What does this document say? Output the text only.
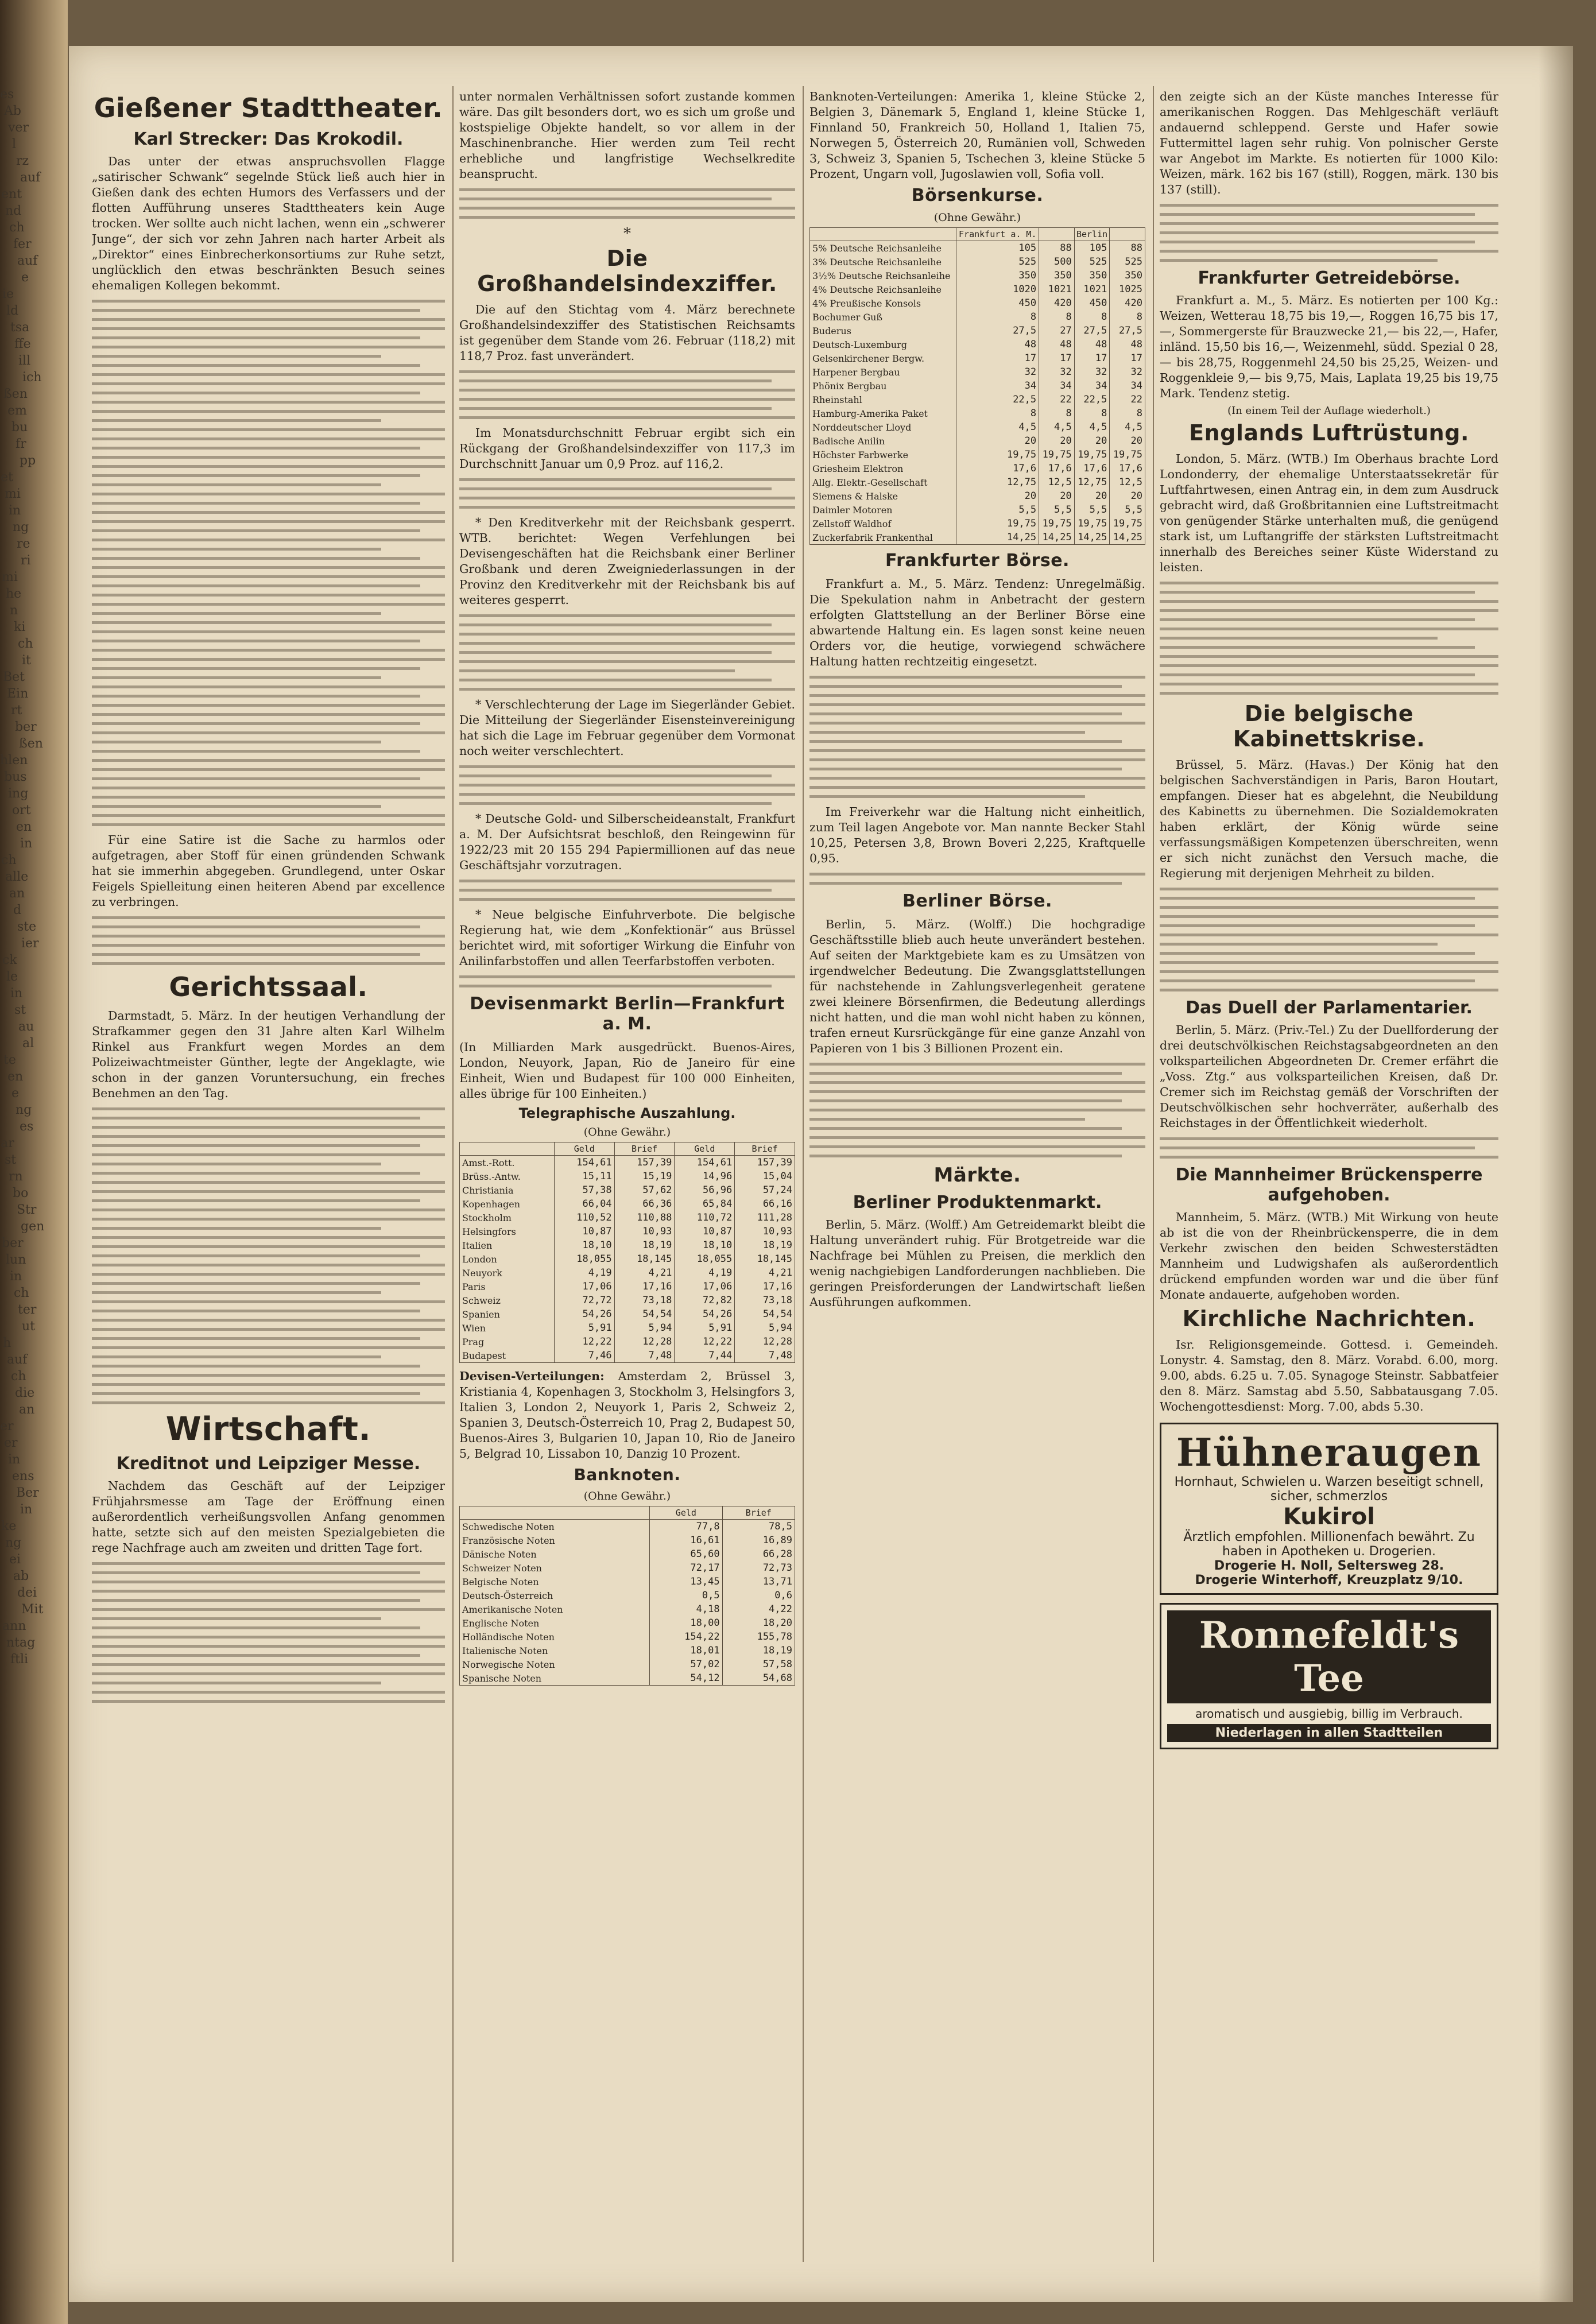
es
Ab
ver
l
rz
auf
ent
nd
ch
fer
auf
e
ie
ld
tsa
ffe
ill
ich
ßen
em
bu
fr
pp
et
mi
in
ng
re
ri
mi
he
n
ki
ch
it
Bet
Ein
rt
ber
ßen
hlen
bus
ing
ort
en
in
ch
alle
an
d
ste
ier
ck
le
in
st
au
al
te
en
e
ng
es
ar
st
rn
bo
Str
gen
ber
lun
in
ch
ter
ut
h
auf
ch
die
an
er
er
in
ens
Ber
in
ke
ng
ei
ab
dei
Mit
ann
ntag
ftli
Gießener Stadttheater.
Karl Strecker: Das Krokodil.

Das unter der etwas anspruchsvollen Flagge „satirischer Schwank“ segelnde Stück ließ auch hier in Gießen dank des echten Humors des Verfassers und der flotten Aufführung unseres Stadttheaters kein Auge trocken. Wer sollte auch nicht lachen, wenn ein „schwerer Junge“, der sich vor zehn Jahren nach harter Arbeit als „Direktor“ eines Einbrecherkonsortiums zur Ruhe setzt, unglücklich den etwas beschränkten Besuch seines ehemaligen Kollegen bekommt.

Für eine Satire ist die Sache zu harmlos oder aufgetragen, aber Stoff für einen gründenden Schwank hat sie immerhin abgegeben. Grundlegend, unter Oskar Feigels Spielleitung einen heiteren Abend par excellence zu verbringen.

Gerichtssaal.

Darmstadt, 5. März. In der heutigen Verhandlung der Strafkammer gegen den 31 Jahre alten Karl Wilhelm Rinkel aus Frankfurt wegen Mordes an dem Polizeiwachtmeister Günther, legte der Angeklagte, wie schon in der ganzen Voruntersuchung, ein freches Benehmen an den Tag.

Wirtschaft.
Kreditnot und Leipziger Messe.

Nachdem das Geschäft auf der Leipziger Frühjahrsmesse am Tage der Eröffnung einen außerordentlich verheißungsvollen Anfang genommen hatte, setzte sich auf den meisten Spezialgebieten die rege Nachfrage auch am zweiten und dritten Tage fort.

unter normalen Verhältnissen sofort zustande kommen wäre. Das gilt besonders dort, wo es sich um große und kostspielige Objekte handelt, so vor allem in der Maschinenbranche. Hier werden zum Teil recht erhebliche und langfristige Wechselkredite beansprucht.

*
Die Großhandelsindexziffer.

Die auf den Stichtag vom 4. März berechnete Großhandelsindexziffer des Statistischen Reichsamts ist gegenüber dem Stande vom 26. Februar (118,2) mit 118,7 Proz. fast unverändert.

Im Monatsdurchschnitt Februar ergibt sich ein Rückgang der Großhandelsindexziffer von 117,3 im Durchschnitt Januar um 0,9 Proz. auf 116,2.

* Den Kreditverkehr mit der Reichsbank gesperrt. WTB. berichtet: Wegen Verfehlungen bei Devisengeschäften hat die Reichsbank einer Berliner Großbank und deren Zweigniederlassungen in der Provinz den Kreditverkehr mit der Reichsbank bis auf weiteres gesperrt.

* Verschlechterung der Lage im Siegerländer Gebiet. Die Mitteilung der Siegerländer Eisensteinvereinigung hat sich die Lage im Februar gegenüber dem Vormonat noch weiter verschlechtert.

* Deutsche Gold- und Silberscheideanstalt, Frankfurt a. M. Der Aufsichtsrat beschloß, den Reingewinn für 1922/23 mit 20 155 294 Papiermillionen auf das neue Geschäftsjahr vorzutragen.

* Neue belgische Einfuhrverbote. Die belgische Regierung hat, wie dem „Konfektionär“ aus Brüssel berichtet wird, mit sofortiger Wirkung die Einfuhr von Anilinfarbstoffen und allen Teerfarbstoffen verboten.

Devisenmarkt Berlin—Frankfurt a. M.

(In Milliarden Mark ausgedrückt. Buenos-Aires, London, Neuyork, Japan, Rio de Janeiro für eine Einheit, Wien und Budapest für 100 000 Einheiten, alles übrige für 100 Einheiten.)

Telegraphische Auszahlung.
(Ohne Gewähr.)
	Geld	Brief	Geld	Brief
Amst.-Rott.	154,61	157,39	154,61	157,39
Brüss.-Antw.	15,11	15,19	14,96	15,04
Christiania	57,38	57,62	56,96	57,24
Kopenhagen	66,04	66,36	65,84	66,16
Stockholm	110,52	110,88	110,72	111,28
Helsingfors	10,87	10,93	10,87	10,93
Italien	18,10	18,19	18,10	18,19
London	18,055	18,145	18,055	18,145
Neuyork	4,19	4,21	4,19	4,21
Paris	17,06	17,16	17,06	17,16
Schweiz	72,72	73,18	72,82	73,18
Spanien	54,26	54,54	54,26	54,54
Wien	5,91	5,94	5,91	5,94
Prag	12,22	12,28	12,22	12,28
Budapest	7,46	7,48	7,44	7,48

Devisen-Verteilungen: Amsterdam 2, Brüssel 3, Kristiania 4, Kopenhagen 3, Stockholm 3, Helsingfors 3, Italien 3, London 2, Neuyork 1, Paris 2, Schweiz 2, Spanien 3, Deutsch-Österreich 10, Prag 2, Budapest 50, Buenos-Aires 3, Bulgarien 10, Japan 10, Rio de Janeiro 5, Belgrad 10, Lissabon 10, Danzig 10 Prozent.

Banknoten.
(Ohne Gewähr.)
	Geld	Brief
Schwedische Noten	77,8	78,5
Französische Noten	16,61	16,89
Dänische Noten	65,60	66,28
Schweizer Noten	72,17	72,73
Belgische Noten	13,45	13,71
Deutsch-Österreich	0,5	0,6
Amerikanische Noten	4,18	4,22
Englische Noten	18,00	18,20
Holländische Noten	154,22	155,78
Italienische Noten	18,01	18,19
Norwegische Noten	57,02	57,58
Spanische Noten	54,12	54,68

Banknoten-Verteilungen: Amerika 1, kleine Stücke 2, Belgien 3, Dänemark 5, England 1, kleine Stücke 1, Finnland 50, Frankreich 50, Holland 1, Italien 75, Norwegen 5, Österreich 20, Rumänien voll, Schweden 3, Schweiz 3, Spanien 5, Tschechen 3, kleine Stücke 5 Prozent, Ungarn voll, Jugoslawien voll, Sofia voll.

Börsenkurse.
(Ohne Gewähr.)
	Frankfurt a. M.		Berlin	
5% Deutsche Reichsanleihe	105	88	105	88
3% Deutsche Reichsanleihe	525	500	525	525
3½% Deutsche Reichsanleihe	350	350	350	350
4% Deutsche Reichsanleihe	1020	1021	1021	1025
4% Preußische Konsols	450	420	450	420
Bochumer Guß	8	8	8	8
Buderus	27,5	27	27,5	27,5
Deutsch-Luxemburg	48	48	48	48
Gelsenkirchener Bergw.	17	17	17	17
Harpener Bergbau	32	32	32	32
Phönix Bergbau	34	34	34	34
Rheinstahl	22,5	22	22,5	22
Hamburg-Amerika Paket	8	8	8	8
Norddeutscher Lloyd	4,5	4,5	4,5	4,5
Badische Anilin	20	20	20	20
Höchster Farbwerke	19,75	19,75	19,75	19,75
Griesheim Elektron	17,6	17,6	17,6	17,6
Allg. Elektr.-Gesellschaft	12,75	12,5	12,75	12,5
Siemens & Halske	20	20	20	20
Daimler Motoren	5,5	5,5	5,5	5,5
Zellstoff Waldhof	19,75	19,75	19,75	19,75
Zuckerfabrik Frankenthal	14,25	14,25	14,25	14,25
Frankfurter Börse.

Frankfurt a. M., 5. März. Tendenz: Unregelmäßig. Die Spekulation nahm in Anbetracht der gestern erfolgten Glattstellung an der Berliner Börse eine abwartende Haltung ein. Es lagen sonst keine neuen Orders vor, die heutige, vorwiegend schwächere Haltung hatten rechtzeitig eingesetzt.

Im Freiverkehr war die Haltung nicht einheitlich, zum Teil lagen Angebote vor. Man nannte Becker Stahl 10,25, Petersen 3,8, Brown Boveri 2,225, Kraftquelle 0,95.

Berliner Börse.

Berlin, 5. März. (Wolff.) Die hochgradige Geschäftsstille blieb auch heute unverändert bestehen. Auf seiten der Marktgebiete kam es zu Umsätzen von irgendwelcher Bedeutung. Die Zwangsglattstellungen für nachstehende in Zahlungsverlegenheit geratene zwei kleinere Börsenfirmen, die Bedeutung allerdings nicht hatten, und die man wohl nicht haben zu können, trafen erneut Kursrückgänge für eine ganze Anzahl von Papieren von 1 bis 3 Billionen Prozent ein.

Märkte.
Berliner Produktenmarkt.

Berlin, 5. März. (Wolff.) Am Getreidemarkt bleibt die Haltung unverändert ruhig. Für Brotgetreide war die Nachfrage bei Mühlen zu Preisen, die merklich den wenig nachgiebigen Landforderungen nachblieben. Die geringen Preisforderungen der Landwirtschaft ließen Ausführungen aufkommen.

den zeigte sich an der Küste manches Interesse für amerikanischen Roggen. Das Mehlgeschäft verläuft andauernd schleppend. Gerste und Hafer sowie Futtermittel lagen sehr ruhig. Von polnischer Gerste war Angebot im Markte. Es notierten für 1000 Kilo: Weizen, märk. 162 bis 167 (still), Roggen, märk. 130 bis 137 (still).

Frankfurter Getreidebörse.

Frankfurt a. M., 5. März. Es notierten per 100 Kg.: Weizen, Wetterau 18,75 bis 19,—, Roggen 16,75 bis 17,—, Sommergerste für Brauzwecke 21,— bis 22,—, Hafer, inländ. 15,50 bis 16,—, Weizenmehl, südd. Spezial 0 28,— bis 28,75, Roggenmehl 24,50 bis 25,25, Weizen- und Roggenkleie 9,— bis 9,75, Mais, Laplata 19,25 bis 19,75 Mark. Tendenz stetig.

(In einem Teil der Auflage wiederholt.)
Englands Luftrüstung.

London, 5. März. (WTB.) Im Oberhaus brachte Lord Londonderry, der ehemalige Unterstaatssekretär für Luftfahrtwesen, einen Antrag ein, in dem zum Ausdruck gebracht wird, daß Großbritannien eine Luftstreitmacht von genügender Stärke unterhalten muß, die genügend stark ist, um Luftangriffe der stärksten Luftstreitmacht innerhalb des Bereiches seiner Küste Widerstand zu leisten.

Die belgische Kabinettskrise.

Brüssel, 5. März. (Havas.) Der König hat den belgischen Sachverständigen in Paris, Baron Houtart, empfangen. Dieser hat es abgelehnt, die Neubildung des Kabinetts zu übernehmen. Die Sozialdemokraten haben erklärt, der König würde seine verfassungsmäßigen Kompetenzen überschreiten, wenn er sich nicht zunächst den Versuch mache, die Regierung mit derjenigen Mehrheit zu bilden.

Das Duell der Parlamentarier.

Berlin, 5. März. (Priv.-Tel.) Zu der Duellforderung der drei deutschvölkischen Reichstagsabgeordneten an den volksparteilichen Abgeordneten Dr. Cremer erfährt die „Voss. Ztg.“ aus volksparteilichen Kreisen, daß Dr. Cremer sich im Reichstag gemäß der Vorschriften der Deutschvölkischen sehr hochverräter, außerhalb des Reichstages in der Öffentlichkeit wiederholt.

Die Mannheimer Brückensperre aufgehoben.

Mannheim, 5. März. (WTB.) Mit Wirkung von heute ab ist die von der Rheinbrückensperre, die in dem Verkehr zwischen den beiden Schwesterstädten Mannheim und Ludwigshafen als außerordentlich drückend empfunden worden war und die über fünf Monate andauerte, aufgehoben worden.

Kirchliche Nachrichten.

Isr. Religionsgemeinde. Gottesd. i. Gemeindeh. Lonystr. 4. Samstag, den 8. März. Vorabd. 6.00, morg. 9.00, abds. 6.25 u. 7.05. Synagoge Steinstr. Sabbatfeier den 8. März. Samstag abd 5.50, Sabbatausgang 7.05. Wochengottesdienst: Morg. 7.00, abds 5.30.

Hühneraugen
Hornhaut, Schwielen u. Warzen beseitigt schnell, sicher, schmerzlos
Kukirol
Ärztlich empfohlen. Millionenfach bewährt. Zu haben in Apotheken u. Drogerien.
Drogerie H. Noll, Seltersweg 28.
Drogerie Winterhoff, Kreuzplatz 9/10.
Ronnefeldt's Tee
aromatisch und ausgiebig, billig im Verbrauch.
Niederlagen in allen Stadtteilen
